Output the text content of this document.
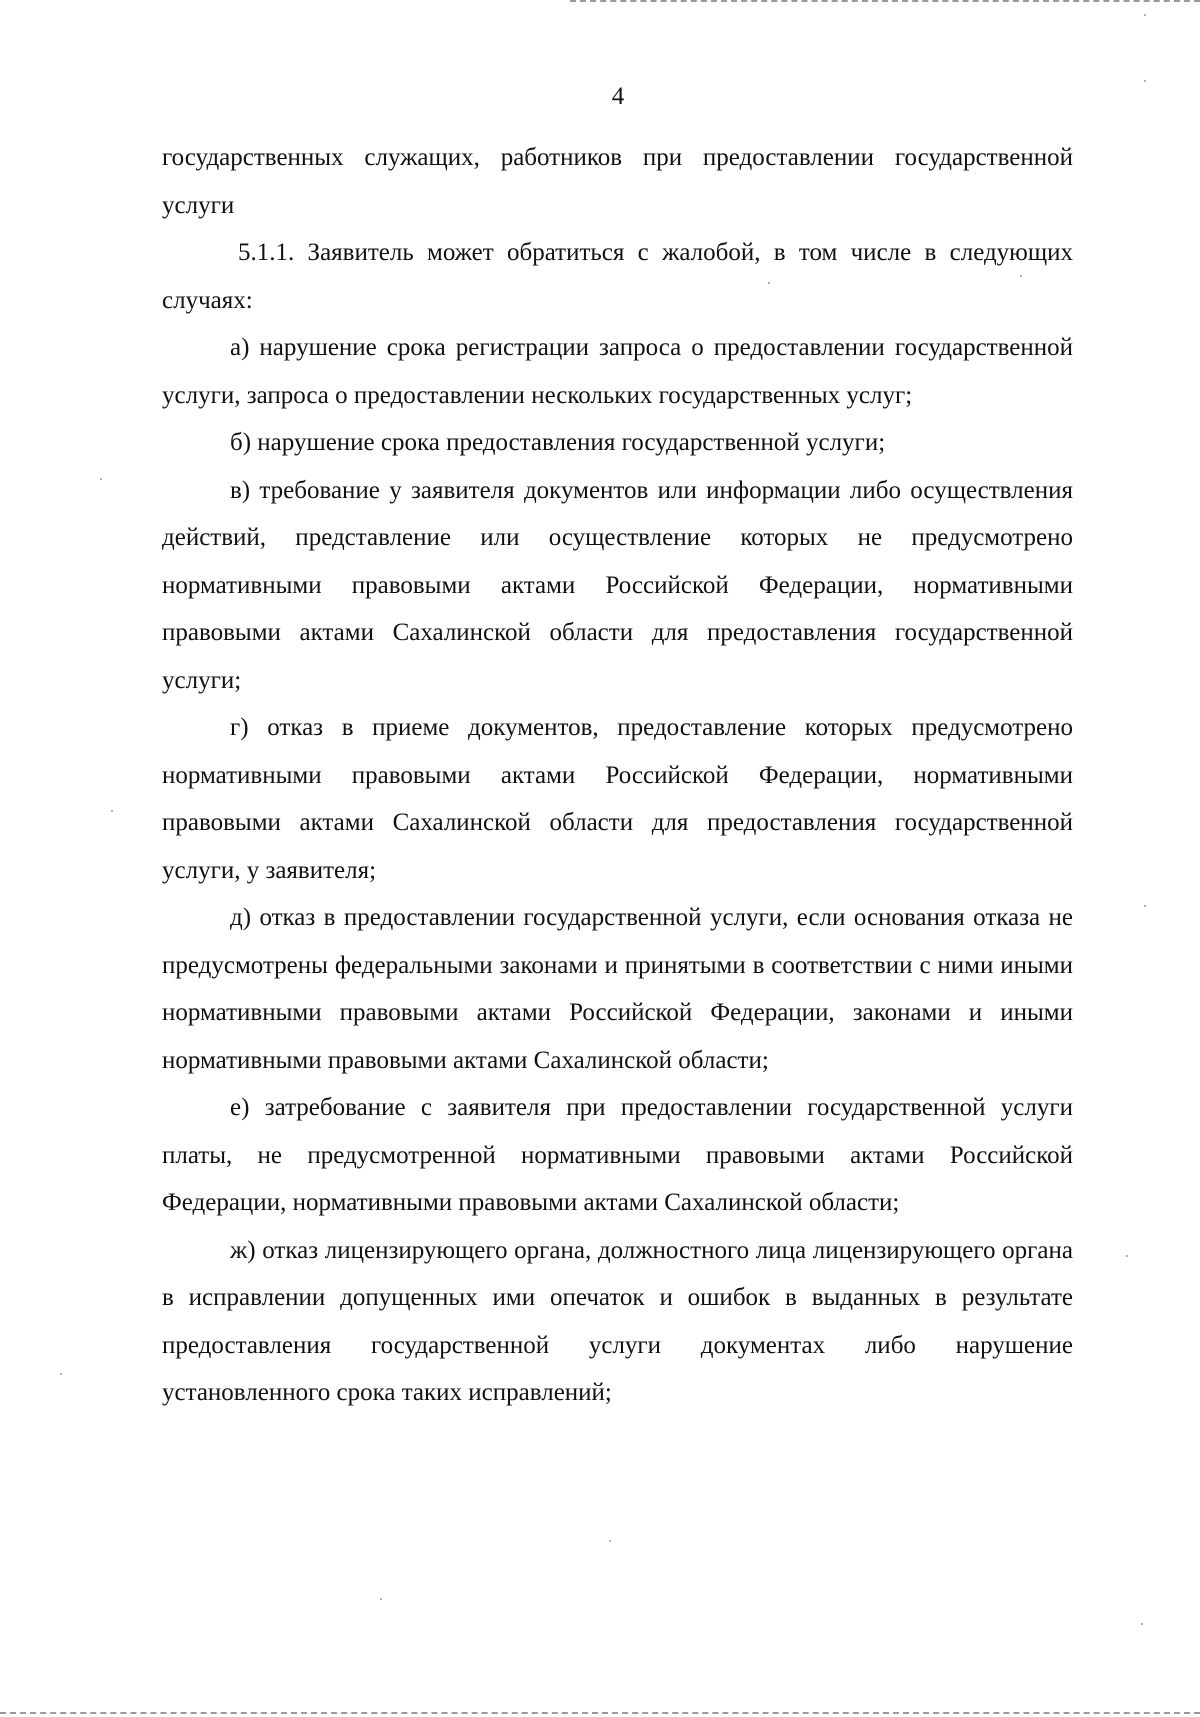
4

государственных служащих, работников при предоставлении государственной услуги

5.1.1. Заявитель может обратиться с жалобой, в том числе в следующих случаях:

а) нарушение срока регистрации запроса о предоставлении государственной услуги, запроса о предоставлении нескольких государственных услуг;

б) нарушение срока предоставления государственной услуги;

в) требование у заявителя документов или информации либо осуществления действий, представление или осуществление которых не предусмотрено нормативными правовыми актами Российской Федерации, нормативными правовыми актами Сахалинской области для предоставления государственной услуги;

г) отказ в приеме документов, предоставление которых предусмотрено нормативными правовыми актами Российской Федерации, нормативными правовыми актами Сахалинской области для предоставления государственной услуги, у заявителя;

д) отказ в предоставлении государственной услуги, если основания отказа не предусмотрены федеральными законами и принятыми в соответствии с ними иными нормативными правовыми актами Российской Федерации, законами и иными нормативными правовыми актами Сахалинской области;

е) затребование с заявителя при предоставлении государственной услуги платы, не предусмотренной нормативными правовыми актами Российской Федерации, нормативными правовыми актами Сахалинской области;

ж) отказ лицензирующего органа, должностного лица лицензирующего органа в исправлении допущенных ими опечаток и ошибок в выданных в результате предоставления государственной услуги документах либо нарушение установленного срока таких исправлений;
